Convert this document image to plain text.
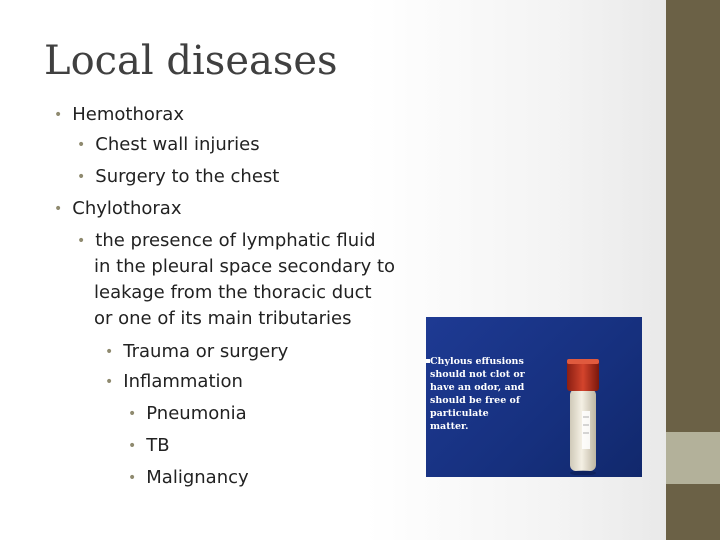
Local diseases
• Hemothorax
• Chest wall injuries
• Surgery to the chest
• Chylothorax
• the presence of lymphatic fluid
in the pleural space secondary to
leakage from the thoracic duct
or one of its main tributaries
• Trauma or surgery
• Inflammation
• Pneumonia
• TB
• Malignancy
Chylous effusions should not clot or have an odor, and should be free of particulate matter.
